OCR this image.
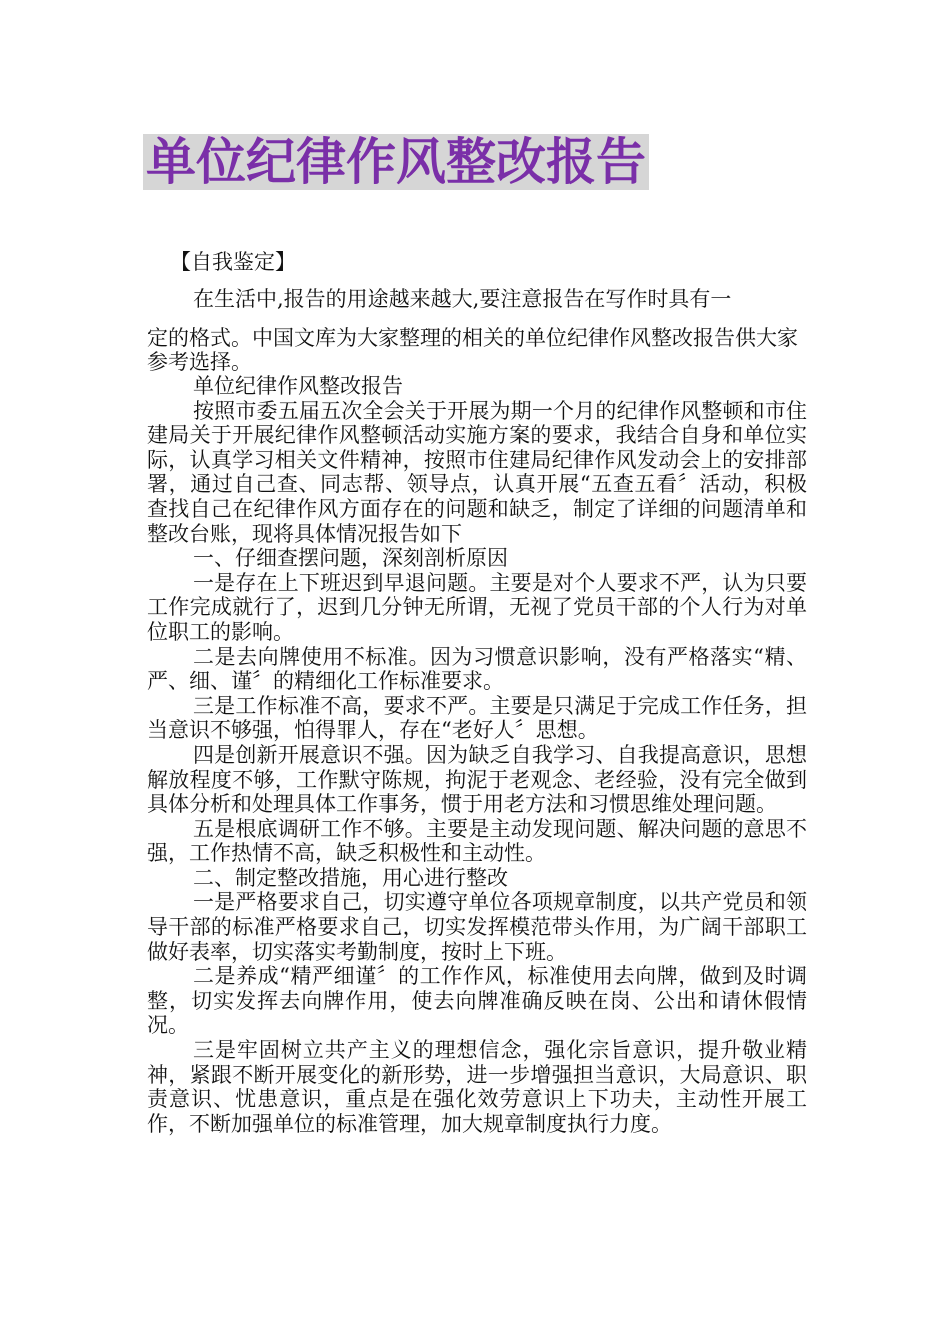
单位纪律作风整改报告
【自我鉴定】
在生活中,报告的用途越来越大,要注意报告在写作时具有一

定的格式。中国文库为大家整理的相关的单位纪律作风整改报告供大家参考选择。

单位纪律作风整改报告

按照市委五届五次全会关于开展为期一个月的纪律作风整顿和市住建局关于开展纪律作风整顿活动实施方案的要求，我结合自身和单位实际，认真学习相关文件精神，按照市住建局纪律作风发动会上的安排部署，通过自己查、同志帮、领导点，认真开展“五查五看〞活动，积极查找自己在纪律作风方面存在的问题和缺乏，制定了详细的问题清单和整改台账，现将具体情况报告如下

一、仔细查摆问题，深刻剖析原因

一是存在上下班迟到早退问题。主要是对个人要求不严，认为只要工作完成就行了，迟到几分钟无所谓，无视了党员干部的个人行为对单位职工的影响。

二是去向牌使用不标准。因为习惯意识影响，没有严格落实“精、严、细、谨〞的精细化工作标准要求。

三是工作标准不高，要求不严。主要是只满足于完成工作任务，担当意识不够强，怕得罪人，存在“老好人〞思想。

四是创新开展意识不强。因为缺乏自我学习、自我提高意识，思想解放程度不够，工作默守陈规，拘泥于老观念、老经验，没有完全做到具体分析和处理具体工作事务，惯于用老方法和习惯思维处理问题。

五是根底调研工作不够。主要是主动发现问题、解决问题的意思不强，工作热情不高，缺乏积极性和主动性。

二、制定整改措施，用心进行整改

一是严格要求自己，切实遵守单位各项规章制度，以共产党员和领导干部的标准严格要求自己，切实发挥模范带头作用，为广阔干部职工做好表率，切实落实考勤制度，按时上下班。

二是养成“精严细谨〞的工作作风，标准使用去向牌，做到及时调整，切实发挥去向牌作用，使去向牌准确反映在岗、公出和请休假情况。

三是牢固树立共产主义的理想信念，强化宗旨意识，提升敬业精神，紧跟不断开展变化的新形势，进一步增强担当意识，大局意识、职责意识、忧患意识，重点是在强化效劳意识上下功夫，主动性开展工作，不断加强单位的标准管理，加大规章制度执行力度。
